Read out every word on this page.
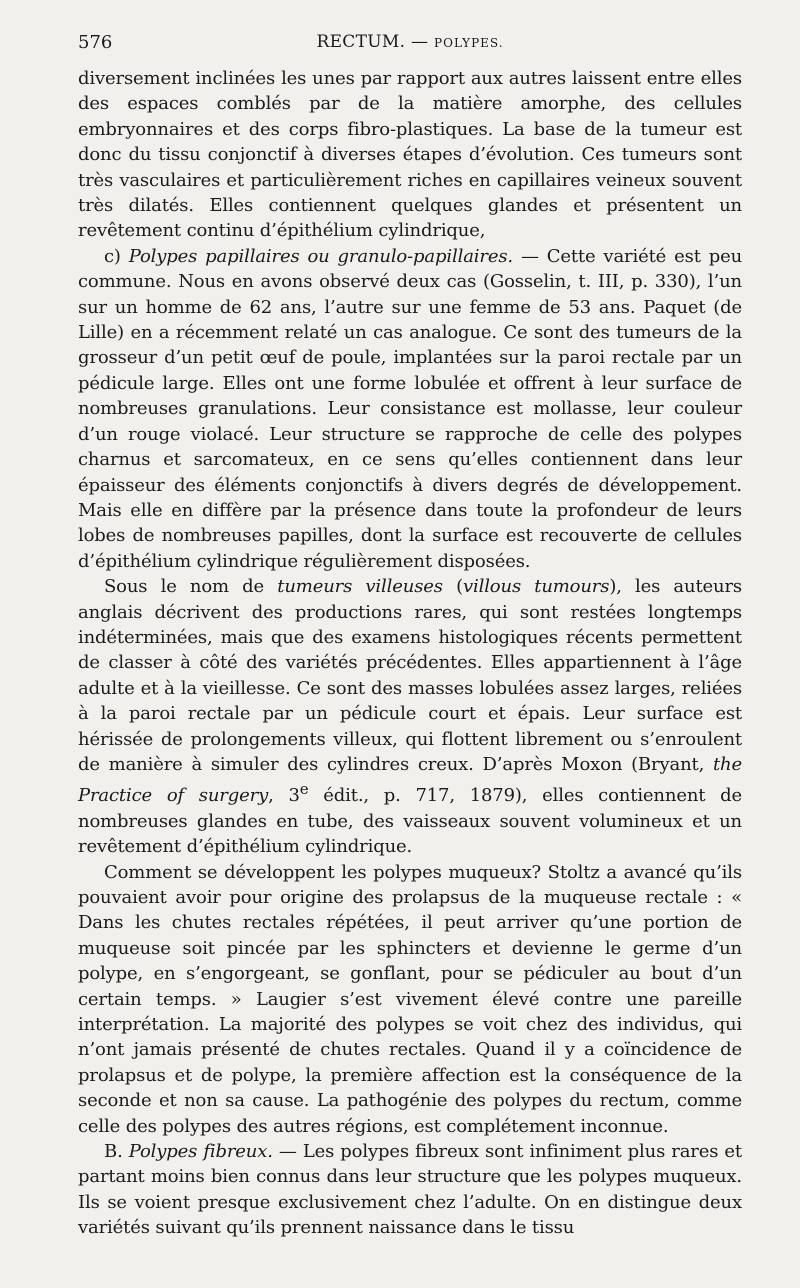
576	RECTUM. — POLYPES.

diversement inclinées les unes par rapport aux autres laissent entre elles des espaces comblés par de la matière amorphe, des cellules embryonnaires et des corps fibro-plastiques. La base de la tumeur est donc du tissu conjonctif à diverses étapes d’évolution. Ces tumeurs sont très vasculaires et particulièrement riches en capillaires veineux souvent très dilatés. Elles contiennent quelques glandes et présentent un revêtement continu d’épithélium cylindrique,

c) Polypes papillaires ou granulo-papillaires. — Cette variété est peu commune. Nous en avons observé deux cas (Gosselin, t. III, p. 330), l’un sur un homme de 62 ans, l’autre sur une femme de 53 ans. Paquet (de Lille) en a récemment relaté un cas analogue. Ce sont des tumeurs de la grosseur d’un petit œuf de poule, implantées sur la paroi rectale par un pédicule large. Elles ont une forme lobulée et offrent à leur surface de nombreuses granulations. Leur consistance est mollasse, leur couleur d’un rouge violacé. Leur structure se rapproche de celle des polypes charnus et sarcomateux, en ce sens qu’elles contiennent dans leur épaisseur des éléments conjonctifs à divers degrés de développement. Mais elle en diffère par la présence dans toute la profondeur de leurs lobes de nombreuses papilles, dont la surface est recouverte de cellules d’épithélium cylindrique régulièrement disposées.

Sous le nom de tumeurs villeuses (villous tumours), les auteurs anglais décrivent des productions rares, qui sont restées longtemps indéterminées, mais que des examens histologiques récents permettent de classer à côté des variétés précédentes. Elles appartiennent à l’âge adulte et à la vieillesse. Ce sont des masses lobulées assez larges, reliées à la paroi rectale par un pédicule court et épais. Leur surface est hérissée de prolongements villeux, qui flottent librement ou s’enroulent de manière à simuler des cylindres creux. D’après Moxon (Bryant, the Practice of surgery, 3e édit., p. 717, 1879), elles contiennent de nombreuses glandes en tube, des vaisseaux souvent volumineux et un revêtement d’épithélium cylindrique.

Comment se développent les polypes muqueux? Stoltz a avancé qu’ils pouvaient avoir pour origine des prolapsus de la muqueuse rectale : « Dans les chutes rectales répétées, il peut arriver qu’une portion de muqueuse soit pincée par les sphincters et devienne le germe d’un polype, en s’engorgeant, se gonflant, pour se pédiculer au bout d’un certain temps. » Laugier s’est vivement élevé contre une pareille interprétation. La majorité des polypes se voit chez des individus, qui n’ont jamais présenté de chutes rectales. Quand il y a coïncidence de prolapsus et de polype, la première affection est la conséquence de la seconde et non sa cause. La pathogénie des polypes du rectum, comme celle des polypes des autres régions, est complétement inconnue.

B. Polypes fibreux. — Les polypes fibreux sont infiniment plus rares et partant moins bien connus dans leur structure que les polypes muqueux. Ils se voient presque exclusivement chez l’adulte. On en distingue deux variétés suivant qu’ils prennent naissance dans le tissu
